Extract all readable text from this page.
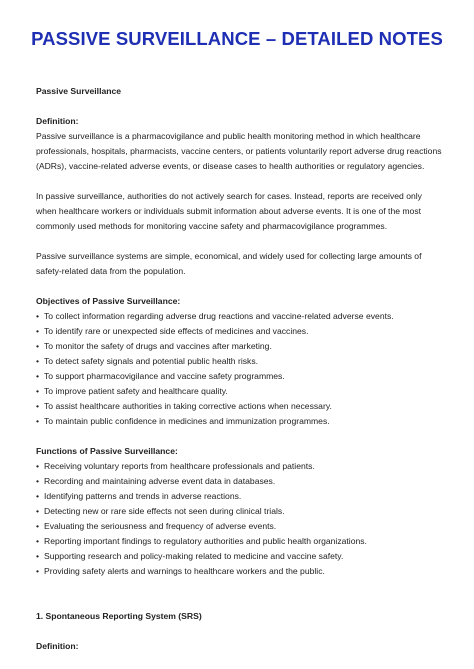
PASSIVE SURVEILLANCE – DETAILED NOTES

Passive Surveillance

Definition:

Passive surveillance is a pharmacovigilance and public health monitoring method in which healthcare professionals, hospitals, pharmacists, vaccine centers, or patients voluntarily report adverse drug reactions (ADRs), vaccine-related adverse events, or disease cases to health authorities or regulatory agencies.

In passive surveillance, authorities do not actively search for cases. Instead, reports are received only when healthcare workers or individuals submit information about adverse events. It is one of the most commonly used methods for monitoring vaccine safety and pharmacovigilance programmes.

Passive surveillance systems are simple, economical, and widely used for collecting large amounts of safety-related data from the population.

Objectives of Passive Surveillance:

• To collect information regarding adverse drug reactions and vaccine-related adverse events.
• To identify rare or unexpected side effects of medicines and vaccines.
• To monitor the safety of drugs and vaccines after marketing.
• To detect safety signals and potential public health risks.
• To support pharmacovigilance and vaccine safety programmes.
• To improve patient safety and healthcare quality.
• To assist healthcare authorities in taking corrective actions when necessary.
• To maintain public confidence in medicines and immunization programmes.

Functions of Passive Surveillance:

• Receiving voluntary reports from healthcare professionals and patients.
• Recording and maintaining adverse event data in databases.
• Identifying patterns and trends in adverse reactions.
• Detecting new or rare side effects not seen during clinical trials.
• Evaluating the seriousness and frequency of adverse events.
• Reporting important findings to regulatory authorities and public health organizations.
• Supporting research and policy-making related to medicine and vaccine safety.
• Providing safety alerts and warnings to healthcare workers and the public.

1. Spontaneous Reporting System (SRS)

Definition:
